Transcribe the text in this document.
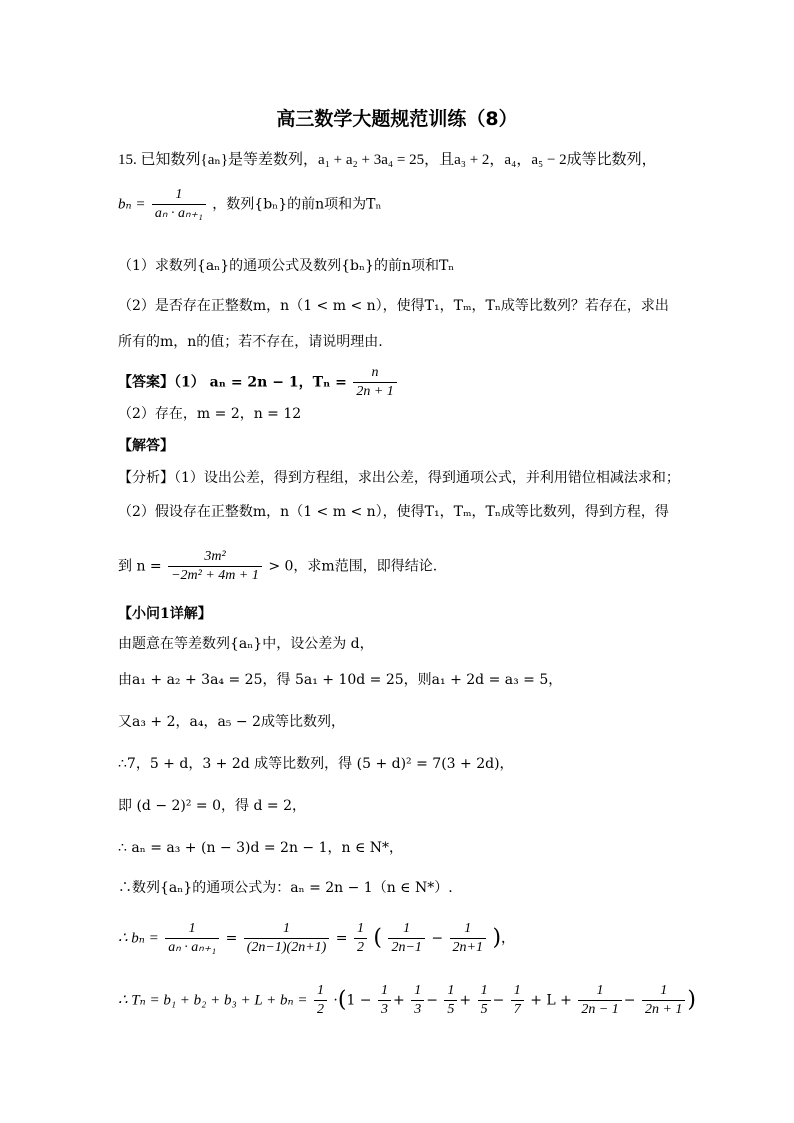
高三数学大题规范训练（8）
15. 已知数列{aₙ}是等差数列，a₁ + a₂ + 3a₄ = 25，且a₃ + 2，a₄，a₅ − 2成等比数列，
$b_n = \frac{1}{\text{aₙ · aₙ₊₁}}$ ，数列{bₙ}的前n项和为Tₙ
（1）求数列{aₙ}的通项公式及数列{bₙ}的前n项和Tₙ
（2）是否存在正整数m，n（1 < m < n），使得T₁，Tₘ，Tₙ成等比数列？若存在，求出
所有的m，n的值；若不存在，请说明理由.
【答案】（1） aₙ = 2n − 1，$T_n = \frac{n}{2n + 1}$
（2）存在，m = 2，n = 12
【解答】
【分析】（1）设出公差，得到方程组，求出公差，得到通项公式，并利用错位相减法求和；
（2）假设存在正整数m，n（1 < m < n），使得T₁，Tₘ，Tₙ成等比数列，得到方程，得
到 $n = \frac{\text{3m²}}{\text{−2m² + 4m + 1}} > 0$，求m范围，即得结论.
【小问1详解】
由题意在等差数列{aₙ}中，设公差为 d，
由a₁ + a₂ + 3a₄ = 25，得 5a₁ + 10d = 25，则a₁ + 2d = a₃ = 5，
又a₃ + 2，a₄，a₅ − 2成等比数列，
∴7，5 + d，3 + 2d 成等比数列，得 (5 + d)² = 7(3 + 2d)，
即 (d − 2)² = 0，得 d = 2，
∴ aₙ = a₃ + (n − 3)d = 2n − 1，n ∈ N*，
∴数列{aₙ}的通项公式为：aₙ = 2n − 1（n ∈ N*）.
∴ $b_n = \frac{1}{\text{aₙ · aₙ₊₁}} = \frac{1}{(2n-1)(2n+1)} = \frac{1}{2}$ ( $\frac{1}{2n-1} - \frac{1}{2n+1}$ )，
∴ $T_n = b_1 + b_2 + b_3 + L + b_n = \frac{1}{2} \cdot(1 - \frac{1}{3} + \frac{1}{3} - \frac{1}{5} + \frac{1}{5} - \frac{1}{7} + L + \frac{1}{2n - 1} - \frac{1}{2n + 1}$ )
